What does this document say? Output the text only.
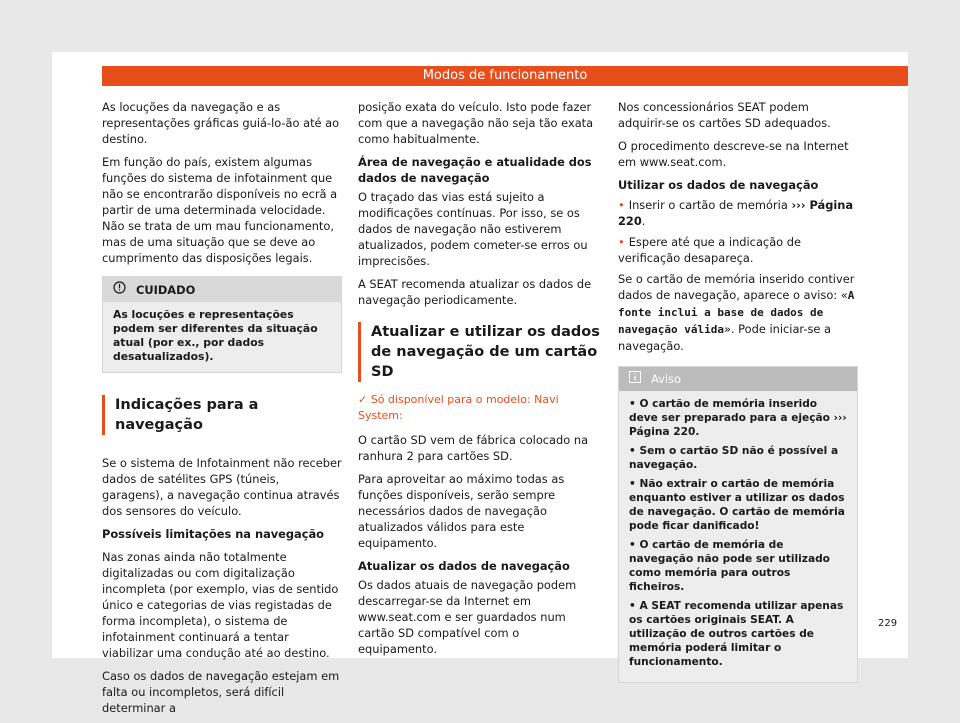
Modos de funcionamento

As locuções da navegação e as representações gráficas guiá-lo-ão até ao destino.

Em função do país, existem algumas funções do sistema de infotainment que não se encontrarão disponíveis no ecrã a partir de uma determinada velocidade. Não se trata de um mau funcionamento, mas de uma situação que se deve ao cumprimento das disposições legais.

CUIDADO
As locuções e representações podem ser diferentes da situação atual (por ex., por dados desatualizados).
Indicações para a navegação

Se o sistema de Infotainment não receber dados de satélites GPS (túneis, garagens), a navegação continua através dos sensores do veículo.

Possíveis limitações na navegação

Nas zonas ainda não totalmente digitalizadas ou com digitalização incompleta (por exemplo, vias de sentido único e categorias de vias registadas de forma incompleta), o sistema de infotainment continuará a tentar viabilizar uma condução até ao destino.

Caso os dados de navegação estejam em falta ou incompletos, será difícil determinar a

posição exata do veículo. Isto pode fazer com que a navegação não seja tão exata como habitualmente.

Área de navegação e atualidade dos dados de navegação

O traçado das vias está sujeito a modificações contínuas. Por isso, se os dados de navegação não estiverem atualizados, podem cometer-se erros ou imprecisões.

A SEAT recomenda atualizar os dados de navegação periodicamente.

Atualizar e utilizar os dados de navegação de um cartão SD
✓ Só disponível para o modelo: Navi System:

O cartão SD vem de fábrica colocado na ranhura 2 para cartões SD.

Para aproveitar ao máximo todas as funções disponíveis, serão sempre necessários dados de navegação atualizados válidos para este equipamento.

Atualizar os dados de navegação

Os dados atuais de navegação podem descarregar-se da Internet em www.seat.com e ser guardados num cartão SD compatível com o equipamento.

Nos concessionários SEAT podem adquirir-se os cartões SD adequados.

O procedimento descreve-se na Internet em www.seat.com.

Utilizar os dados de navegação

• Inserir o cartão de memória ››› Página 220.
• Espere até que a indicação de verificação desapareça.

Se o cartão de memória inserido contiver dados de navegação, aparece o aviso: «A fonte inclui a base de dados de navegação válida». Pode iniciar-se a navegação.

Aviso

• O cartão de memória inserido deve ser preparado para a ejeção ››› Página 220.

• Sem o cartão SD não é possível a navegação.

• Não extrair o cartão de memória enquanto estiver a utilizar os dados de navegação. O cartão de memória pode ficar danificado!

• O cartão de memória de navegação não pode ser utilizado como memória para outros ficheiros.

• A SEAT recomenda utilizar apenas os cartões originais SEAT. A utilização de outros cartões de memória poderá limitar o funcionamento.

229
